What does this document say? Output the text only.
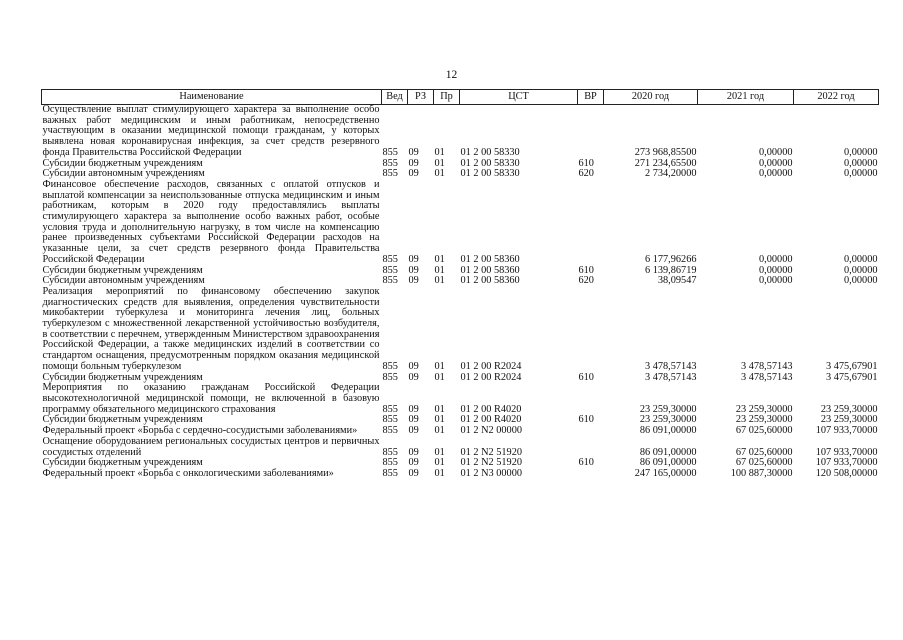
12
Наименование	Вед	РЗ	Пр	ЦСТ	ВР	2020 год	2021 год	2022 год
Осуществление выплат стимулирующего характера за выполнение особо важных работ медицинским и иным работникам, непосредственно участвующим в оказании медицинской помощи гражданам, у которых выявлена новая коронавирусная инфекция, за счет средств резервного фонда Правительства Российской Федерации	855	09	01	01 2 00 58330		273 968,85500	0,00000	0,00000
Субсидии бюджетным учреждениям	855	09	01	01 2 00 58330	610	271 234,65500	0,00000	0,00000
Субсидии автономным учреждениям	855	09	01	01 2 00 58330	620	2 734,20000	0,00000	0,00000
Финансовое обеспечение расходов, связанных с оплатой отпусков и выплатой компенсации за неиспользованные отпуска медицинским и иным работникам, которым в 2020 году предоставлялись выплаты стимулирующего характера за выполнение особо важных работ, особые условия труда и дополнительную нагрузку, в том числе на компенсацию ранее произведенных субъектами Российской Федерации расходов на указанные цели, за счет средств резервного фонда Правительства Российской Федерации	855	09	01	01 2 00 58360		6 177,96266	0,00000	0,00000
Субсидии бюджетным учреждениям	855	09	01	01 2 00 58360	610	6 139,86719	0,00000	0,00000
Субсидии автономным учреждениям	855	09	01	01 2 00 58360	620	38,09547	0,00000	0,00000
Реализация мероприятий по финансовому обеспечению закупок диагностических средств для выявления, определения чувствительности микобактерии туберкулеза и мониторинга лечения лиц, больных туберкулезом с множественной лекарственной устойчивостью возбудителя, в соответствии с перечнем, утвержденным Министерством здравоохранения Российской Федерации, а также медицинских изделий в соответствии со стандартом оснащения, предусмотренным порядком оказания медицинской помощи больным туберкулезом	855	09	01	01 2 00 R2024		3 478,57143	3 478,57143	3 475,67901
Субсидии бюджетным учреждениям	855	09	01	01 2 00 R2024	610	3 478,57143	3 478,57143	3 475,67901
Мероприятия по оказанию гражданам Российской Федерации высокотехнологичной медицинской помощи, не включенной в базовую программу обязательного медицинского страхования	855	09	01	01 2 00 R4020		23 259,30000	23 259,30000	23 259,30000
Субсидии бюджетным учреждениям	855	09	01	01 2 00 R4020	610	23 259,30000	23 259,30000	23 259,30000
Федеральный проект «Борьба с сердечно-сосудистыми заболеваниями»	855	09	01	01 2 N2 00000		86 091,00000	67 025,60000	107 933,70000
Оснащение оборудованием региональных сосудистых центров и первичных сосудистых отделений	855	09	01	01 2 N2 51920		86 091,00000	67 025,60000	107 933,70000
Субсидии бюджетным учреждениям	855	09	01	01 2 N2 51920	610	86 091,00000	67 025,60000	107 933,70000
Федеральный проект «Борьба с онкологическими заболеваниями»	855	09	01	01 2 N3 00000		247 165,00000	100 887,30000	120 508,00000
